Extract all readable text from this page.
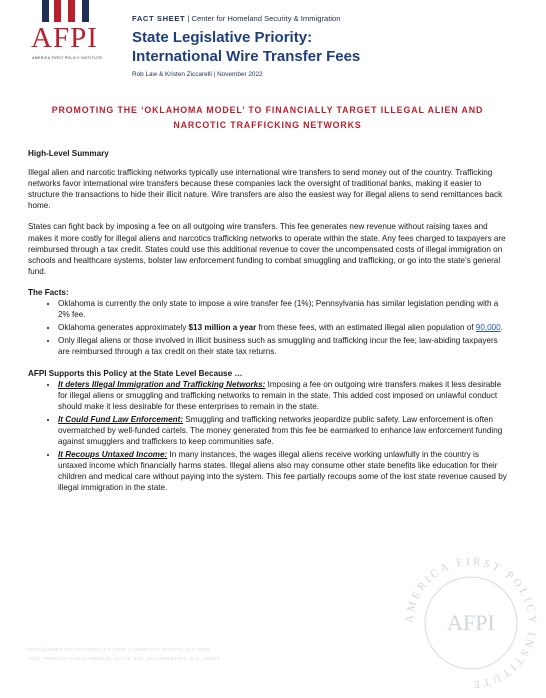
AFPI
AMERICA FIRST POLICY INSTITUTE
FACT SHEET | Center for Homeland Security & Immigration
State Legislative Priority:
International Wire Transfer Fees
Rob Law & Kristen Ziccarelli | November 2022
PROMOTING THE ‘OKLAHOMA MODEL’ TO FINANCIALLY TARGET ILLEGAL ALIEN AND
NARCOTIC TRAFFICKING NETWORKS

High-Level Summary

Illegal alien and narcotic trafficking networks typically use international wire transfers to send money out of the country. Trafficking networks favor international wire transfers because these companies lack the oversight of traditional banks, making it easier to structure the transactions to hide their illicit nature. Wire transfers are also the easiest way for illegal aliens to send remittances back home.

States can fight back by imposing a fee on all outgoing wire transfers. This fee generates new revenue without raising taxes and makes it more costly for illegal aliens and narcotics trafficking networks to operate within the state. Any fees charged to taxpayers are reimbursed through a tax credit. States could use this additional revenue to cover the uncompensated costs of illegal immigration on schools and healthcare systems, bolster law enforcement funding to combat smuggling and trafficking, or go into the state’s general fund.

The Facts:

• Oklahoma is currently the only state to impose a wire transfer fee (1%); Pennsylvania has similar legislation pending with a 2% fee.
• Oklahoma generates approximately $13 million a year from these fees, with an estimated illegal alien population of 90,000.
• Only illegal aliens or those involved in illicit business such as smuggling and trafficking incur the fee; law-abiding taxpayers are reimbursed through a tax credit on their state tax returns.

AFPI Supports this Policy at the State Level Because …

• It deters Illegal Immigration and Trafficking Networks: Imposing a fee on outgoing wire transfers makes it less desirable for illegal aliens or smuggling and trafficking networks to remain in the state. This added cost imposed on unlawful conduct should make it less desirable for these enterprises to remain in the state.
• It Could Fund Law Enforcement: Smuggling and trafficking networks jeopardize public safety. Law enforcement is often overmatched by well-funded cartels. The money generated from this fee be earmarked to enhance law enforcement funding against smugglers and traffickers to keep communities safe.
• It Recoups Untaxed Income: In many instances, the wages illegal aliens receive working unlawfully in the country is untaxed income which financially harms states. Illegal aliens also may consume other state benefits like education for their children and medical care without paying into the system. This fee partially recoups some of the lost state revenue caused by illegal immigration in the state.
AMERICA FIRST POLICY INSTITUTE
AFPI
INFO@AMERICAFIRSTPOLICY.COM | AMERICAFIRSTPOLICY.COM
1001 PENNSYLVANIA AVENUE, SUITE 530, WASHINGTON, D.C. 20004
